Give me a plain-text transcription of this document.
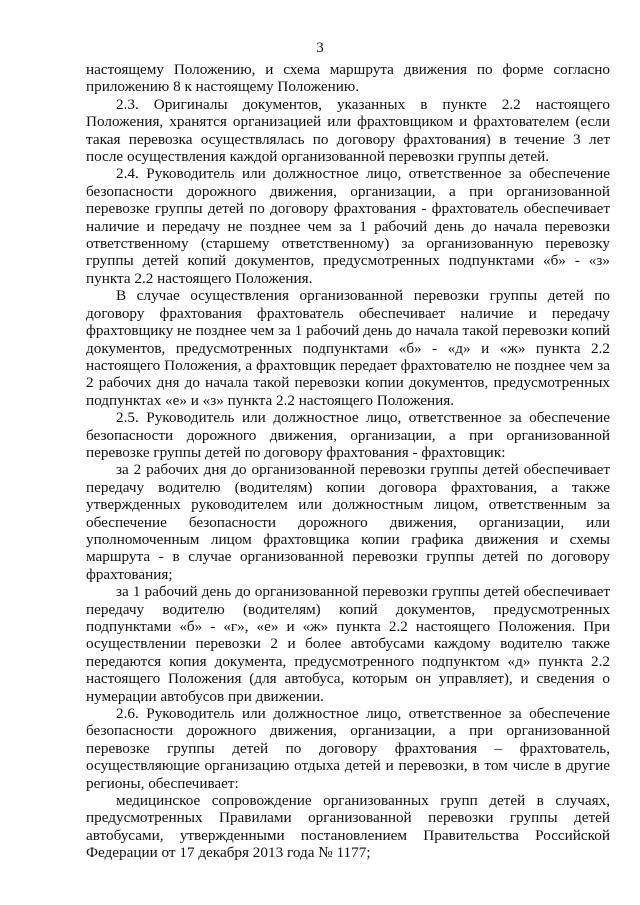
3

настоящему Положению, и схема маршрута движения по форме согласно приложению 8 к настоящему Положению.

2.3. Оригиналы документов, указанных в пункте 2.2 настоящего Положения, хранятся организацией или фрахтовщиком и фрахтователем (если такая перевозка осуществлялась по договору фрахтования) в течение 3 лет после осуществления каждой организованной перевозки группы детей.

2.4. Руководитель или должностное лицо, ответственное за обеспечение безопасности дорожного движения, организации, а при организованной перевозке группы детей по договору фрахтования - фрахтователь обеспечивает наличие и передачу не позднее чем за 1 рабочий день до начала перевозки ответственному (старшему ответственному) за организованную перевозку группы детей копий документов, предусмотренных подпунктами «б» - «з» пункта 2.2 настоящего Положения.

В случае осуществления организованной перевозки группы детей по договору фрахтования фрахтователь обеспечивает наличие и передачу фрахтовщику не позднее чем за 1 рабочий день до начала такой перевозки копий документов, предусмотренных подпунктами «б» - «д» и «ж» пункта 2.2 настоящего Положения, а фрахтовщик передает фрахтователю не позднее чем за 2 рабочих дня до начала такой перевозки копии документов, предусмотренных подпунктах «е» и «з» пункта 2.2 настоящего Положения.

2.5. Руководитель или должностное лицо, ответственное за обеспечение безопасности дорожного движения, организации, а при организованной перевозке группы детей по договору фрахтования - фрахтовщик:

за 2 рабочих дня до организованной перевозки группы детей обеспечивает передачу водителю (водителям) копии договора фрахтования, а также утвержденных руководителем или должностным лицом, ответственным за обеспечение безопасности дорожного движения, организации, или уполномоченным лицом фрахтовщика копии графика движения и схемы маршрута - в случае организованной перевозки группы детей по договору фрахтования;

за 1 рабочий день до организованной перевозки группы детей обеспечивает передачу водителю (водителям) копий документов, предусмотренных подпунктами «б» - «г», «е» и «ж» пункта 2.2 настоящего Положения. При осуществлении перевозки 2 и более автобусами каждому водителю также передаются копия документа, предусмотренного подпунктом «д» пункта 2.2 настоящего Положения (для автобуса, которым он управляет), и сведения о нумерации автобусов при движении.

2.6. Руководитель или должностное лицо, ответственное за обеспечение безопасности дорожного движения, организации, а при организованной перевозке группы детей по договору фрахтования – фрахтователь, осуществляющие организацию отдыха детей и перевозки, в том числе в другие регионы, обеспечивает:

медицинское сопровождение организованных групп детей в случаях, предусмотренных Правилами организованной перевозки группы детей автобусами, утвержденными постановлением Правительства Российской Федерации от 17 декабря 2013 года № 1177;
